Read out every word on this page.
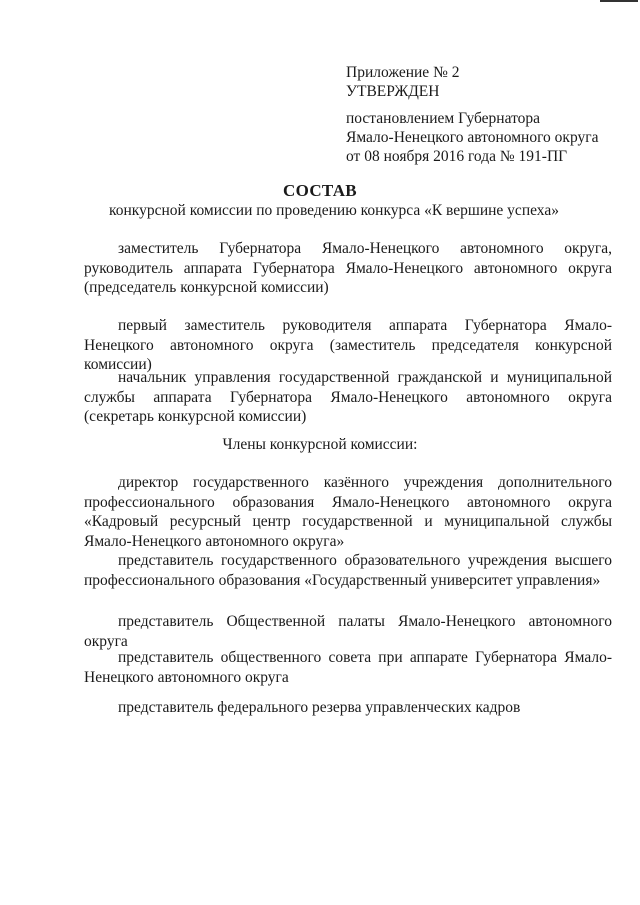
Приложение № 2
УТВЕРЖДЕН
постановлением Губернатора
Ямало-Ненецкого автономного округа
от 08 ноября 2016 года № 191-ПГ
СОСТАВ
конкурсной комиссии по проведению конкурса «К вершине успеха»
заместитель Губернатора Ямало-Ненецкого автономного округа, руководитель аппарата Губернатора Ямало-Ненецкого автономного округа (председатель конкурсной комиссии)
первый заместитель руководителя аппарата Губернатора Ямало-Ненецкого автономного округа (заместитель председателя конкурсной комиссии)
начальник управления государственной гражданской и муниципальной службы аппарата Губернатора Ямало-Ненецкого автономного округа (секретарь конкурсной комиссии)
Члены конкурсной комиссии:
директор государственного казённого учреждения дополнительного профессионального образования Ямало-Ненецкого автономного округа «Кадровый ресурсный центр государственной и муниципальной службы Ямало-Ненецкого автономного округа»
представитель государственного образовательного учреждения высшего профессионального образования «Государственный университет управления»
представитель Общественной палаты Ямало-Ненецкого автономного округа
представитель общественного совета при аппарате Губернатора Ямало-Ненецкого автономного округа
представитель федерального резерва управленческих кадров
